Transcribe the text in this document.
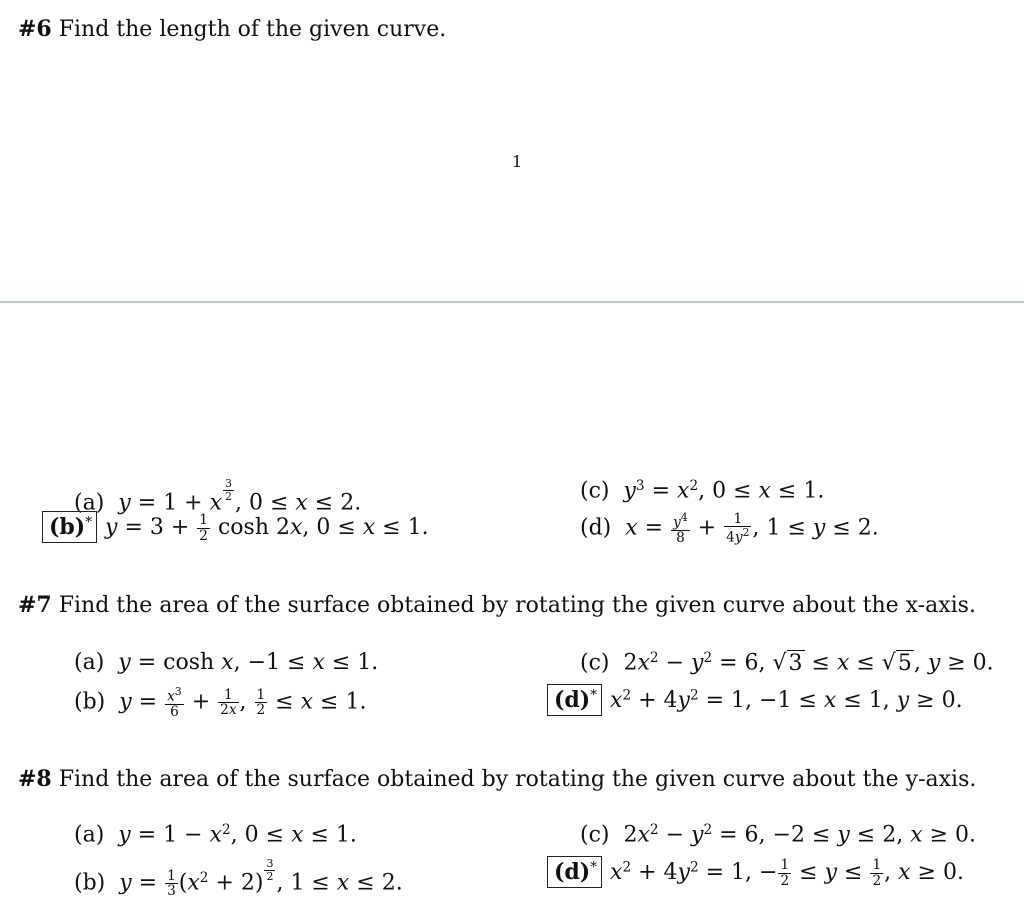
#6 Find the length of the given curve.
1
(a)  y = 1 + x
$\frac{3}{2}$
, 0 ≤ x ≤ 2.
(b)* $y = 3 + \frac{1}{2}$ cosh 2x, 0 ≤ x ≤ 1.
(c)  $y^3 = x^2$, 0 ≤ x ≤ 1.
(d)  $x = \frac{y^4}{8} + \frac{1}{4y^2}$ , 1 ≤ y ≤ 2.
#7 Find the area of the surface obtained by rotating the given curve about the x-axis.
(a)  y = cosh x, −1 ≤ x ≤ 1.
(b)  $y = \frac{x^3}{6} + \frac{1}{2x}$ , $\frac{1}{2} \le x \le 1$.
(c)  $2x^2 - y^2 = 6$, √3 ≤ x ≤ √5, y ≥ 0.
(d)* $x^2 + 4y^2 = 1$, −1 ≤ x ≤ 1, y ≥ 0.
#8 Find the area of the surface obtained by rotating the given curve about the y-axis.
(a)  $y = 1 - x^2$, 0 ≤ x ≤ 1.
(b)  $y = \frac{1}{3} (x^2 + 2)$
$\frac{3}{2}$
, 1 ≤ x ≤ 2.
(c)  $2x^2 - y^2 = 6$, −2 ≤ y ≤ 2, x ≥ 0.
(d)* $x^2 + 4y^2 = 1$, − $\frac{1}{2} \le y \le \frac{1}{2}$ , x ≥ 0.
